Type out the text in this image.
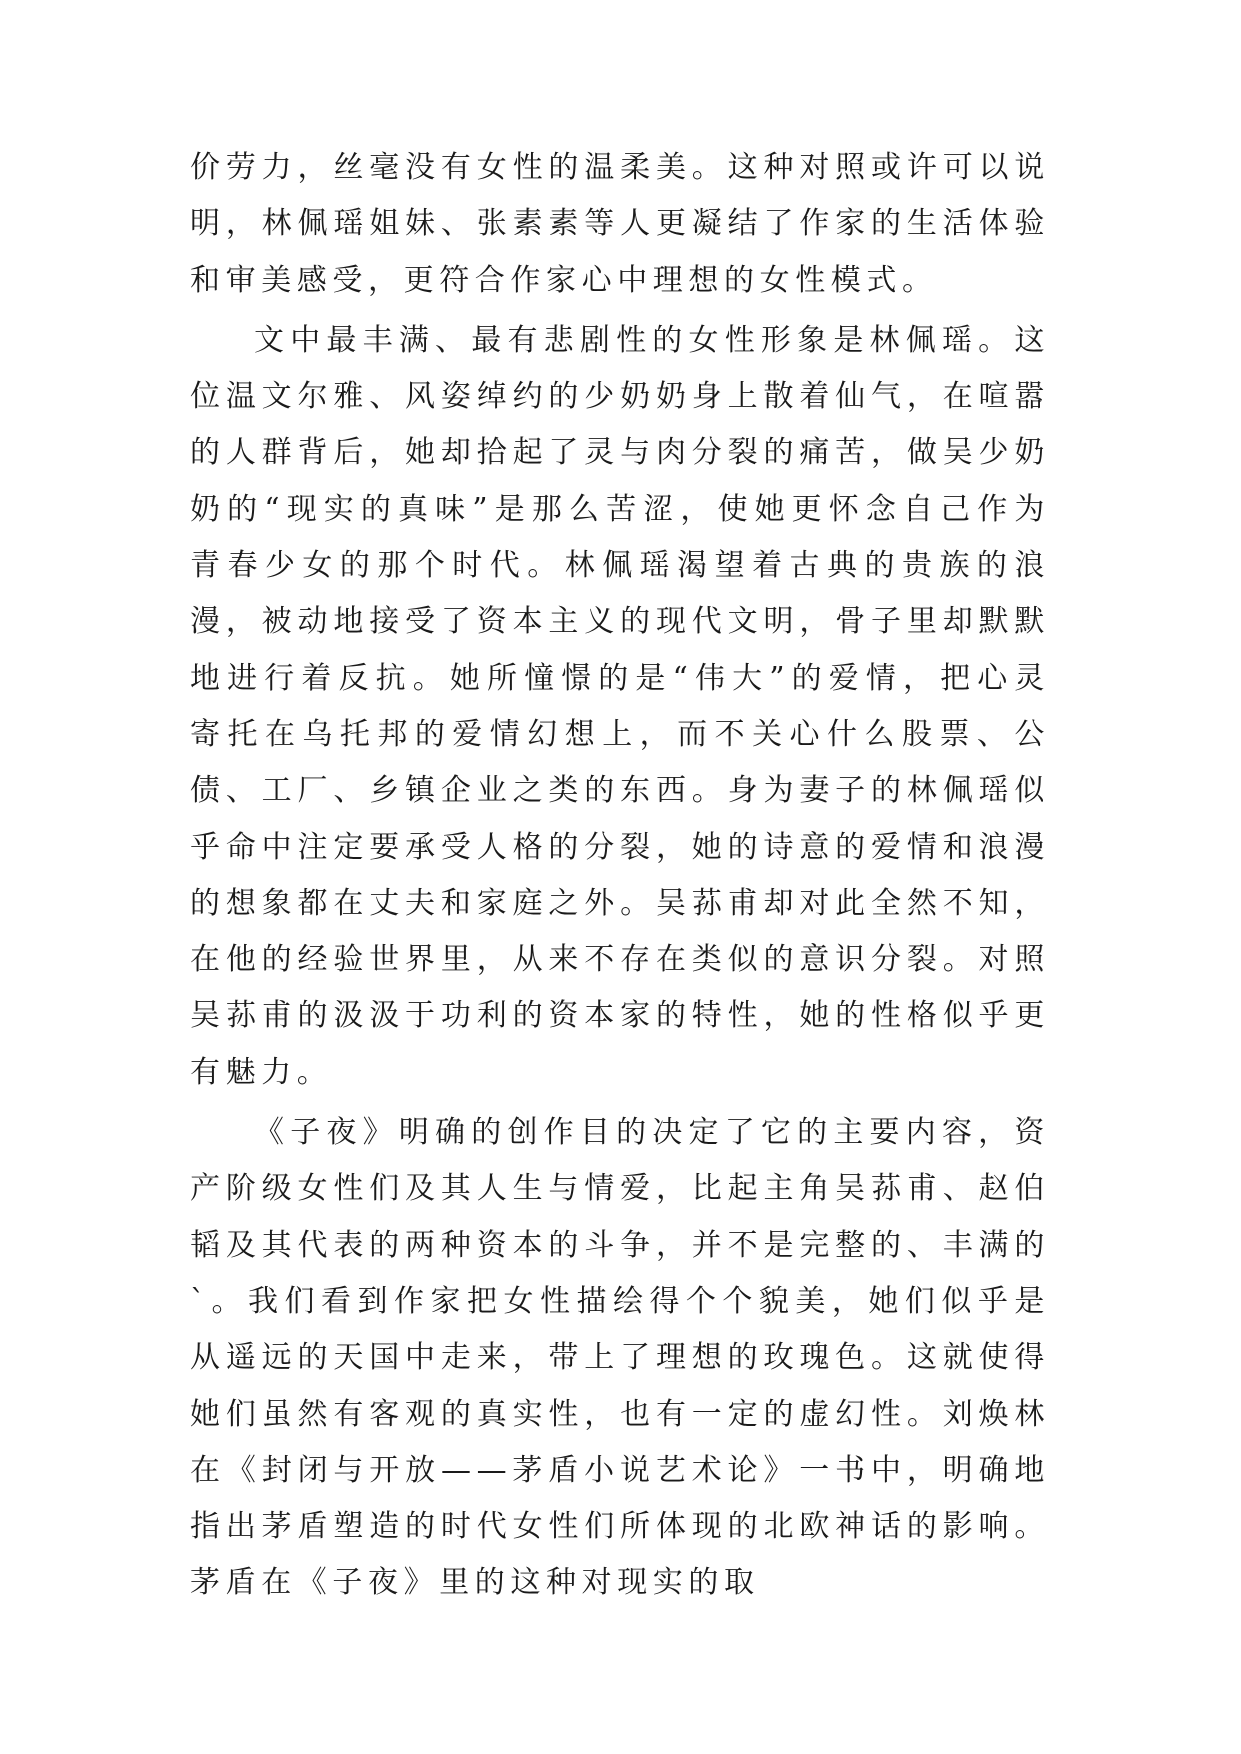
价劳力，丝毫没有女性的温柔美。这种对照或许可以说明，林佩瑶姐妹、张素素等人更凝结了作家的生活体验和审美感受，更符合作家心中理想的女性模式。

文中最丰满、最有悲剧性的女性形象是林佩瑶。这位温文尔雅、风姿绰约的少奶奶身上散着仙气，在喧嚣的人群背后，她却拾起了灵与肉分裂的痛苦，做吴少奶奶的“现实的真味”是那么苦涩，使她更怀念自己作为青春少女的那个时代。林佩瑶渴望着古典的贵族的浪漫，被动地接受了资本主义的现代文明，骨子里却默默地进行着反抗。她所憧憬的是“伟大”的爱情，把心灵寄托在乌托邦的爱情幻想上，而不关心什么股票、公债、工厂、乡镇企业之类的东西。身为妻子的林佩瑶似乎命中注定要承受人格的分裂，她的诗意的爱情和浪漫的想象都在丈夫和家庭之外。吴荪甫却对此全然不知，在他的经验世界里，从来不存在类似的意识分裂。对照吴荪甫的汲汲于功利的资本家的特性，她的性格似乎更有魅力。

《子夜》明确的创作目的决定了它的主要内容，资产阶级女性们及其人生与情爱，比起主角吴荪甫、赵伯韬及其代表的两种资本的斗争，并不是完整的、丰满的`。我们看到作家把女性描绘得个个貌美，她们似乎是从遥远的天国中走来，带上了理想的玫瑰色。这就使得她们虽然有客观的真实性，也有一定的虚幻性。刘焕林在《封闭与开放——茅盾小说艺术论》一书中，明确地指出茅盾塑造的时代女性们所体现的北欧神话的影响。茅盾在《子夜》里的这种对现实的取
